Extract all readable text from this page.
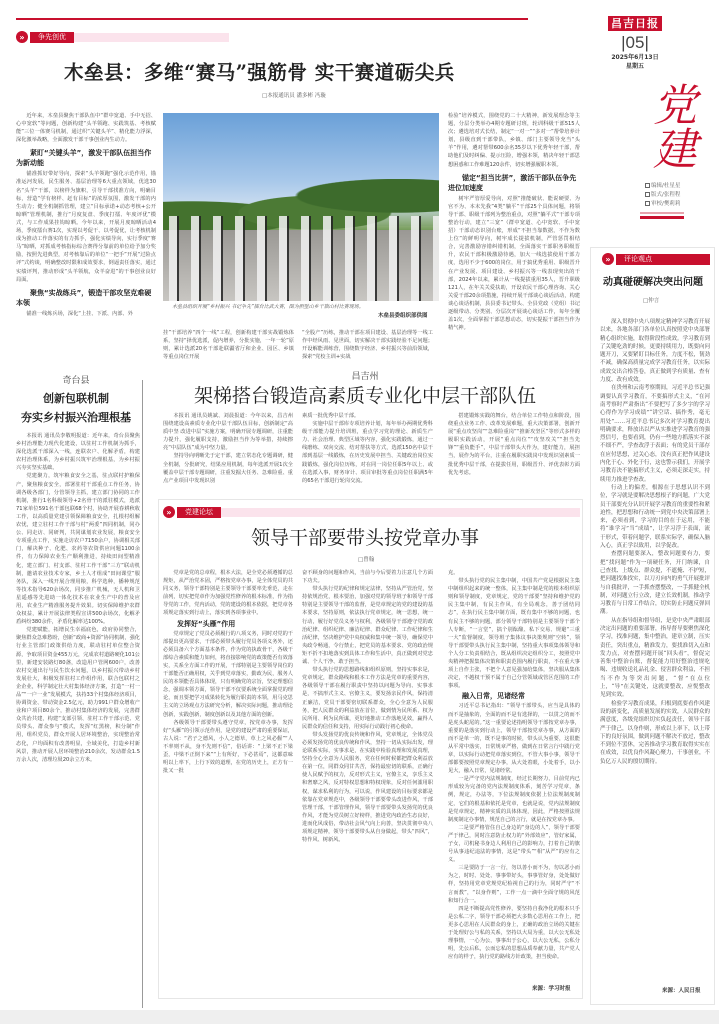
昌吉日报
|05|
2025年6月13日
星期五
党建
编辑/杜星星
版式/张程程
审校/樊莉莉
»	争先创优
木垒县：多维“赛马”强筋骨 实干赛道砺尖兵
□本报通讯员 潘多彬 冯璇
近年来，木垒县聚焦干部队伍中“群中宽道、手中无招、心中宽软”等问题，创新构建“头羊领跑、实践筑基、考核赋能”三位一体赛马机制，通过织“关键头羊”、精化能力浮深，深化激举战略，全面激发干部干事创业内生动力。
紧盯“关键头羊”，激发干部队伍担当作为新动能
锚准抓好带好导向，探索“头羊领跑”强化示范作用，锚准运河发展，民生服务、基层治理等6大重点领域，优选30名“头羊”干部，以榜样为旗帜，引导干部找准方向，明确目标，营造“学有榜样、赶有目标”的浓厚氛围，激发干部的内生动力；健全机制抓管理，建立“目标承诺+动态考核+公开晾晒”管理机制，推行“月度复盘、季度打擂、年度评优”模式，与工作成果挂钩晾晒。今年以来，开展月度晾晒活动4场，季度擂台赛1次，实现以考促干、以考促优，让考核机制成为推动工作落实的有力抓手，强化实绩导向，实行季度“赛马”晾晒，对抓成考核指标综合赛得分靠前的单位给予加分奖励，按照先进典型，对考核靠后的单位“一把手”开展“过险点评”式约谈，明确整改时限和成效要求，倒逼责任落实，通过实绩评判，推动形成“头羊领航，众羊奋进”的干事创业良好局面。
聚焦“实战练兵”，锻造干部攻坚克难硬本领
锚准一线炼兵场，深化“上挂、下派、内部、外
木垒县组织开展“乡村振兴 书记争先”擂台比武大赛，图为照壁山乡干旗山村比赛现场。
木垒县委组织部供图
挂”干部培养“四个一线”工程，创新构建干部实战锻炼体系，坚持“择优选派，促内增养，分批实施，一年一轮”原则，累计选派20名干部赴联疆省厅和企业、园区、乡镇等重点岗位开展
“全股产”历练，推动干部在项目建设、基层治理等一线工作中经风雨、见世面，切实解决干部实践经验不足问题；开设解能训练营，围绕数字经济、乡村振兴等前沿领域，探索“党校主训+实战
检验”培养模式，围绕党的二十大精神，新发展理念等主题，分层分类举办4期专题研讨班，轮训科级干部515人次；遴选培对式长结，制定“一对一”“多对一”帮带培养计划，县级直到干部带队，乡镇、部门主要领导充当“头羊”作用，遴对帮带600余名35岁以下优秀年轻干部，帮助他们及时纠偏、提示压险，增强本领，精决年轻干部思想困惑和工作难题120余件，切实增强履职本领。
锚定“担当比拼”，激活干部队伍争先进位加速度
树牢严管厚爱导向，对照“推能破状、能说硬要、为官不为、本末先我”4类“躺平”干部25个具体问题，将领导干部、职级干部列为整治重点，对照“躺平式”干部专项整治行动，建立“三宽”（群中宽道、心中宽软、手中宽招）干部动态识别台账，形成“不担当靠数据，不作为数上位”的鲜明导向，树牢成长提拔机制，严管惩罚相结合，完善激励容错纠错机制，全面落实干部职务职级晋升，农民干部积极激励待遇，加大一线选拔使用干部力度，选用不少于600的岗位，用于搞优秀重用、职级晋升在产业发展、项目建设、乡村振兴等一线表现突出的干部，2024年以来，累计从一线提拔重用35人，晋升职级121人，在年关关爱扶助，开设农民干部心理咨询、关心关爱干部20余项措施，持续开展干部谈心谈话活动，构建谈心谈话机制，县县委书记带头、全县党政（党组）书记逐级带动、分类别、分层次开展谈心谈话工作，每年全覆盖1次，全面掌握干部思想动态，切实提振干部担当作为精气神。
奇台县
创新包联机制
夯实乡村振兴治理根基
本报讯 通讯员李敬明报道：近年来，奇台县聚焦乡村治理能力现代化建设，以驻村工作机制为抓手，深化选派干部深入一线，连联农户、化解矛盾，构建农村治理体系，为乡村振兴筑牢治理根基，为乡村振兴夯实坚实基础。
党建聚力，筑牢粮食安全之基，驻点联村护粮保产，聚焦粮食安全，部署驻村干部重点工作任务，协调各级各部门，分管领导主抓，建立部门协同的工作机制，推行1名科级领导+2名骨干的派驻模式，选派71家单位591名干部包联68个村，协助开展春耕秋收工作，以高质量党建引领保障粮食安全，扎根村组解农忧，建立驻村工作干部与村“两委”四同机制，同办公、同走访、同研判，共同谋划农业发展，粮食安全专项重点工作，实施走访农户7150余户，协调相关部门，解决种子、化肥、农药等农资供应问题1100余件，有力保障农业生产顺利推进，持续田间型精准化，建立部门、村支部、驻村工作干部“三方”联动机制，邀请农业技术专家，乡土人才组成“田间课堂”服务队，深入一线开展合理用粮，科学选种，播种规范等技术指导620余场次，同步推广机械，无人机和卫星遥感等先进助一体化技术在农业生产中的普及应用，农业生产精准服务提升效果。切实保障维护农群众权益，累计开展法律类程宣讲500余场次，化解矛盾纠纷380余件，矛盾化解率达100%。
党建赋能，拓增民生幸福底色，政府协同整合，聚焦群众急难愁盼，创新“政商+资源”协同机制，强化行业主管部门政策供给力度，联动驻村单位整合资源，争取项目资金455万元，完成农村道路硬化101公里，新建安装路灯80盏，改造用户管网600户，改善农村交通出行与民生饮水问题，以乡村振兴带动乡村发展壮大，积极发挥驻村工作组作用，联合包联村之企企业，科学制定壮大村集体经济方案，打造“一村一品”“一户一业”发展模式，扶持33个村集体经济项目，协调资金、带动资金2.5亿元，助力991户群众增收产业和户项目80余个，推动村集体经济的发展，完善群众共治共建，构建“支部引领、驻村工作干部示范、党员带头、群众参与”模式，发挥“红黑榜，积分制”作用，组织党员，群众开展人居环境整治，实现整治常态化，户均面积有改善明显，全域美化，打造乡村新风景，推动开展人居环境整治210余次，发动群众1.5万余人次，清理垃圾20余立方米。
昌吉州
架梯搭台锻造高素质专业化中层干部队伍
本报讯 通讯员姚斌、刘晨报道：今年以来，昌吉州围绕建设高素质专业化中层干部队伍目标，创新制定“高质中坚 改进中层”实施方案，明确开展专题调研，注重能力提升，强化履职支持，激励担当作为等举措，持续擦亮“中层队伍”成为中坚力量。
坚持导向明晰先于定干部，建立常态化专题调研，健全机制，分批研究，结果应用机制，每年选派开展1次全覆盖中层干部专题调研，注重发掘大任务、急难险重、重点产业项目中发现识别
素质一批优秀中层干部。
实施中层干部库专项培养计划，每年举办两期优秀科级干部能力提升培训班，重点学习党的理论、新质生产力、社会治理、典型区域等内容，强化实践锻炼，通过一线磨练、双向交流、结对帮扶等方式，选派150名中层干部到基层一线锻炼，在历史发展中担当、关键政治岗位实践锻炼，强化岗位历练，对在同一岗位任职5年以上、或在选派入事，财务审计、项目审批等重点岗位任职满5年的65名干部进行轮岗交流。
搭建锻炼实践的舞台，结合单位工作特点和阶段，围绕重点业务工作、改革发展难题，重大决策部署，创新开展“重点攻坚岗”“急难险重岗”“推新攻坚区”等形式多样的履职实践活动，开展“重点岗位”“攻坚攻关”“担当先锋”“重负能手”，中层干部带头大作为，建好能力，展担当，展作为的平台，注重在履职实践岗中发现识别素质一批优秀中层干部，在提拔任用，职级晋升、评优表彰方面优先考虑。
»	党建论坛
领导干部要带头按党章办事
□曾翰
党章是党的总章程，根本大法，是全党必须遵循的总规矩，从严治党本固，严格按党章办事，是全体党员的共同义务，领导干部特别是主要领导干部要率先垂范，走在前列，切实把党章作为加强党性修养的根本标准，作为指导党的工作，党内活动，党的建设的根本依据，把党章各项规定落实到行动上，落实到各项事业中。
发挥好“头雁”作用
党章规定了党员必须履行的八项义务，同时对党的干部提出更高要求，干部必须带头履行党员各项义务外，还必须具备六个方面基本条件，作为党的执政骨干，各级干部综合素质和能力如何，将直接影响党的政策能否有效落实，关系全方面工作的开展，干部特别是主要领导岗位的干部能否正确用权，关乎到党章落实，勤政为民，服务人民的本领能否具体体现，只有明确党的宗旨，坚定理想信念，强调本领方面，领导干部不仅要系统全面掌握党的理论，而且要把学习成果转化为履行职责的本领，用马克思主义的立场观点方法研究分析，解决实际问题，推动理论创新，实践创新，制度创新以及其他方面的创新。
各级领导干部要带头遵守党章，按党章办事，发挥好“头雁”的引领示范作用，是党的建设严肃的重要保证，古人说：“君子之德风，小人之德草，草上之风必偃”“人不率则不从，身不先则不信”，俗话讲：“上梁不正下梁歪，中梁不正倒下来”“上有所好，下必甚焉”，这都意味明以上率下，上行下效的道理，在党的历史上，正方有一批又一批
奋不顾身的问题和作风，当前与今后要着力注意几个方面下功夫。
带头执行党的纪律和规定法律，坚持从严管治党，坚持依规治党，根本要治，加强对党的领导班子和领导干部特别是主要领导干部的监督，是党章规定的党的建设的基本要求，坚持原则，依法执行党章规定，统一思想，统一行动，履行好党员义务与权利，各级领导干部遵守党的政治纪律、组织纪律、廉洁纪律、群众纪律、工作纪律和生活纪律，坚决维护党中央权威和集中统一领导，确保党中央政令畅通，令行禁止，把党员的基本要求、党的政治规矩不折不扣地落实到具体工作和生活中，真正做到对党忠诚、个人干净、敢于担当。
带头执行党的思想路线和组织原则，坚持实事求是，党章规定，群众路线和根本工作方法是党章的重要内容，各级领导干部在履行职责中坚持以问题为导向、实事求是，不搞形式主义、官僚主义，要发扬亲民作风，保持清正廉洁，党员干部要密切联系群众，全心全意为人民服务，把人民群众的利益放在首位，做到情为民所系、权为民所用、利为民所谋，更好地推动工作落地见效，赢得人民群众的信任和支持，用实际行动践行初心使命。
带头发扬党的优良传统和作风，党章规定，全体党员必须发扬党的优良传统和作风，坚持一切从实际出发，理论联系实际，实事求是，在实践中检验真理和发展真理，坚持全心全意为人民服务，党在任何时候都把群众利益放在第一位，同群众同甘共苦，保持最密切的联系，正确行使人民赋予的权力，反对形式主义，官僚主义，享乐主义和奢靡之风，反对特权思想和特权现象，反对任何滥用职权，谋求私利的行为，可以说，作风建设的目标要求都是依靠在党章规范中，各级领导干部要带头改进作风，干部管理干部，干部管理作风，领导干部要带头发扬党的优良作风，才能为党员树立好榜样，推进党内政治生态良好，进而化风成俗，带动社会风气向上向善，坚决贯彻中央八项规定精神，领导干部要带头从自身做起，带头“四风”，特作风、树新风。
克。
带头执行党的民主集中制，中国共产党是根据民主集中制组织起来的统一整体，民主集中制是党的根本组织原则和领导制度，党章规定，党的干部要“坚持和维护党的民主集中制，有民主作风，有全局观念，善于团结同志”，在执行民主集中制方面，既有集中不够的问题，也有民主不够的问题，部分领导干部特别是主要领导干部个人专断，“一言堂”，搞个别酝酿、私下交易、规避“三重一大”监督制度，领导班子集体议事决策规则“空转”，领导干部要带头执行民主集中制，坚持重大事项集体领导和个人分工负责相结合，既从组织决定组织分工，按照党中央精神把握集体决策和职责范围内履行职责，不在重大事项上自作主张，不把个人意见强加给集体，坚决服从集体决定，不越权干预不属于自己分管领域或管区范围的工作事项。
融入日常，见诸经常
习近平总书记指出：“领导干部带头，应当是具体的而不是抽象的，全面的而不是有选择的，一以贯之的而不是虎头蛇尾的。”这一重要论述指明领导干部按党章办事，重要的是落实到行动上，领导干部按党章办事，从方面的而不是单一的，既不是事的时候，带头认为重要，这很能从平常中落实，日常规章严格，做到在日常言行中践行党章，以实际行动把党章落实到位，不管大事小事，领导干部都要按照党章规定办事，从大处着眼，小处着手，以小见大，融入日常，见诸经常。
一是严守党内法规制度，经过长期努力，目前党内已形成较为完备的党内法规制度体系，刻苦学习党章，条例，规定，办法等，下位法规制度依据上位法规制度制定，它们的根基和依托是党章，也就是说，党内法规制度是党章规定，精神实质的具体体现，因此，严格按照法规制度制定办事情，规范自己的言行，就是在按党章办事。
二是要严格管住自己身边的“身边的人”，领导干部要严于律己，同时注意防止权力的“外部效应”，管好家属，子女，司机秘书身边人利用自己的影响力，打着自己的旗号从事违纪违法的事情，这是“带头”“相”从严”的应有之义。
三是要防于一言一行，勿以善小而不为，勿以恶小而为之，时时、处处、事事带好头，事事管好身，处处做好样，坚持用党章党规党纪检视自己的行为，同时严守“不言而教”，“以身作则”，工作一点一滴中全面守规的风范和知行合一。
四是不断提高党性修养，要坚持自我净化的根本只手是公私二字，领导干部必须把大多数心思用在工作上，把更多心思用在人民群众的身上，正确的政治立场的关键在于处理好公与私的关系，坚持以大局为重，以大公无私处理事情，一心为公，事事出于公心，以大公无私，公私分明，先公后私，公而忘私的思想品质奉献力量，共产党人应有的样子，执行党的路线方针政策，担当使命。
来源：学习时报
»	评论观点
动真碰硬解决突出问题
□仲言
深入贯彻中央八项规定精神学习教育开展以来，各地各部门各单位认真按照党中央部署精心组织实施，取得阶段性成效。学习教育到了关键吃劲的时候，更要持续用力，既要向问题开刀，又要紧盯目标任务，力度不松，韧劲不减，确保高质量完成学习教育任务，以实际成效交出合格答卷，真正做到学有质量、查有力度、改有成效。
在贵州和云南考察期间，习近平总书记强调要认真学习教育，不要搞形式主义，“在河南考察时严肃指出“不要把写了多少字的学习心得作为学习成绩”“讲空话、搞作秀，毫无用处”……习近平总书记多次对学习教育提出明确要求，释放出以严从实推进学习教育的强烈信号，也要看到，仍有一些地方抓落实不深不细不严，学查改浮于表面；有的党员干部存在应付思想，过关心态，没有真正把作风建设内化于心、外化于行，这也警示我们，开展学习教育决不能搞形式主义，必须走深走实，持续用力推进学查改。
行动上的偏差，根源在于思想认识不到位，学习就是要解决思想根子的问题，广大党员干部要充分认识开展学习教育的重要性和紧迫性，把思想和行动统一到党中央决策部署上来，必须看到，学习的目的在于运用，不能将“谁学习”当“成绩”，让学习浮于表面，流于形式，带着问题学，联系实际学，确保入脑入心，真正学以致用，以学促改。
查摆问题要深入，整改问题要有力，要把“找问题”作为一项硬任务，开门纳谏，自己查找、上级点、群众提，不遮掩、不护短，把问题找准找实，以刀刃向内的勇气开展批评与自我批评，一手抓查摆整改，一手抓健全机制，对问题立行立改，建立长效机制，推动学习教育与日常工作结合，切实防止问题反弹回潮。
从在指导组和督导组，是党中央严肃眼部决定出问题的重要部署，指导督导要聚焦深化学习，找准问题，集中整治，建章立制，压实责任，突出重点，精准发力，要找准切入点和发力点，对查摆问题开展“回头看”，督促完善集中整治台账，督促能力用好整治违规吃喝、违规收送礼品礼金、侵害群众利益，不担当不作为等突出问题，“督”在点位上，“导”在关键处，这就要整改，应悦整改见到实效。
检验学习教育成果，归根到底要看作风建设的新变化，高质量发展的实效，人民群众的满意度，各级党组织切实负起责任，领导干部严于律己，以身作则，形成以上率下，以上带下的良好氛围，做到问题不解决不放过，整改不到位不罢休，完善推动学习教育取得实实在在成效，以优良作风凝心聚力，干事创业，不负亿万人民的殷切期待。
来源：人民日报
